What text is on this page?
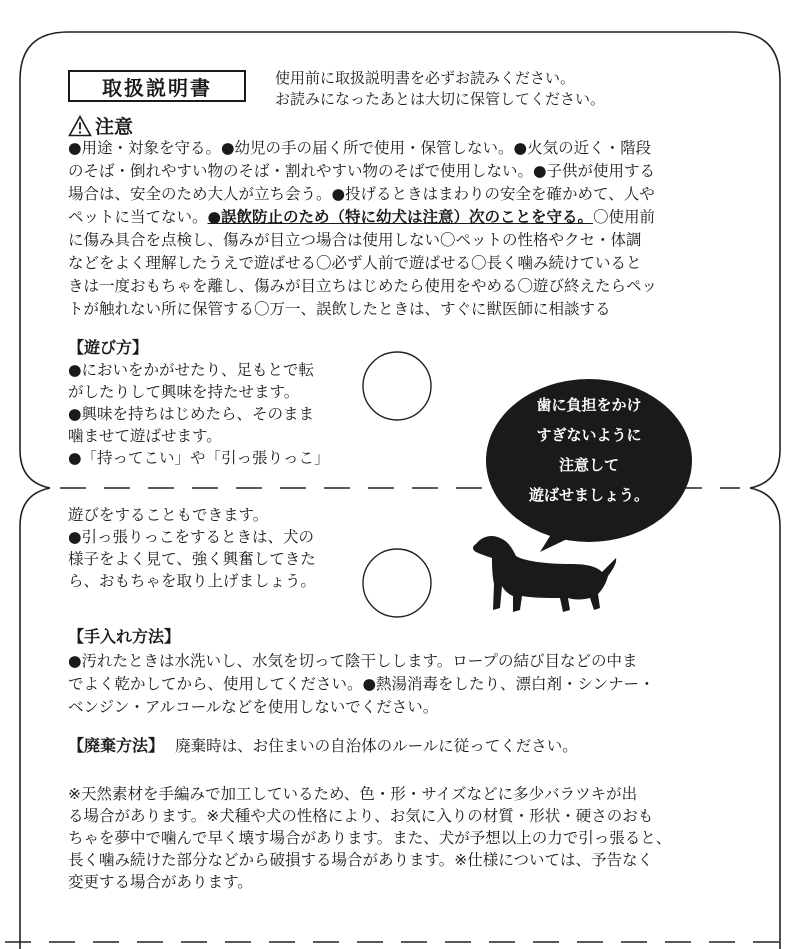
取扱説明書	使用前に取扱説明書を必ずお読みください。
お読みになったあとは大切に保管してください。
注意
●用途・対象を守る。●幼児の手の届く所で使用・保管しない。●火気の近く・階段
のそば・倒れやすい物のそば・割れやすい物のそばで使用しない。●子供が使用する
場合は、安全のため大人が立ち会う。●投げるときはまわりの安全を確かめて、人や
ペットに当てない。●誤飲防止のため（特に幼犬は注意）次のことを守る。〇使用前
に傷み具合を点検し、傷みが目立つ場合は使用しない〇ペットの性格やクセ・体調
などをよく理解したうえで遊ばせる〇必ず人前で遊ばせる〇長く噛み続けていると
きは一度おもちゃを離し、傷みが目立ちはじめたら使用をやめる〇遊び終えたらペッ
トが触れない所に保管する〇万一、誤飲したときは、すぐに獣医師に相談する
【遊び方】
●においをかがせたり、足もとで転
がしたりして興味を持たせます。
●興味を持ちはじめたら、そのまま
噛ませて遊ばせます。
●「持ってこい」や「引っ張りっこ」
遊びをすることもできます。
●引っ張りっこをするときは、犬の
様子をよく見て、強く興奮してきた
ら、おもちゃを取り上げましょう。
歯に負担をかけ
すぎないように
注意して
遊ばせましょう。
【手入れ方法】
●汚れたときは水洗いし、水気を切って陰干しします。ロープの結び目などの中ま
でよく乾かしてから、使用してください。●熱湯消毒をしたり、漂白剤・シンナー・
ベンジン・アルコールなどを使用しないでください。
【廃棄方法】 廃棄時は、お住まいの自治体のルールに従ってください。
※天然素材を手編みで加工しているため、色・形・サイズなどに多少バラツキが出
る場合があります。※犬種や犬の性格により、お気に入りの材質・形状・硬さのおも
ちゃを夢中で噛んで早く壊す場合があります。また、犬が予想以上の力で引っ張ると、
長く噛み続けた部分などから破損する場合があります。※仕様については、予告なく
変更する場合があります。
